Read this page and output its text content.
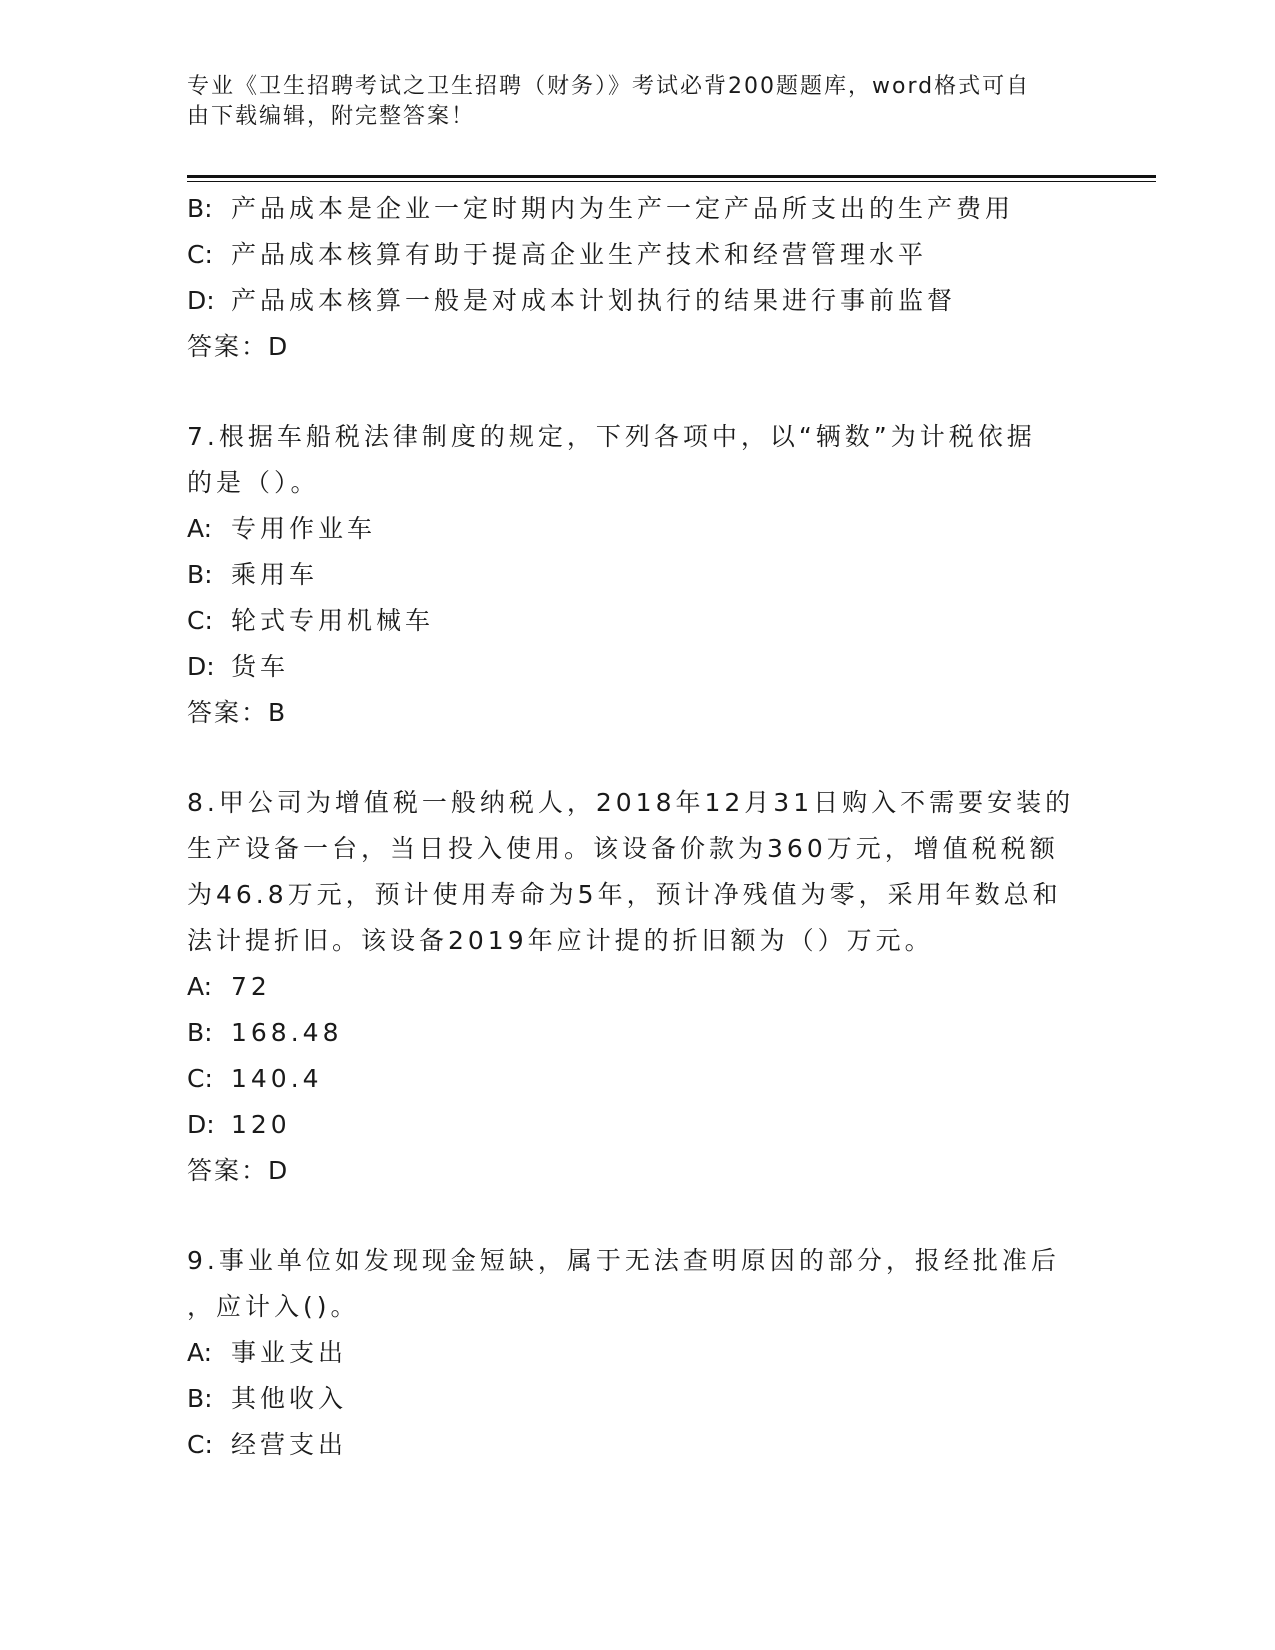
专业《卫生招聘考试之卫生招聘（财务）》考试必背200题题库，word格式可自
由下载编辑，附完整答案！
B: 产品成本是企业一定时期内为生产一定产品所支出的生产费用
C: 产品成本核算有助于提高企业生产技术和经营管理水平
D: 产品成本核算一般是对成本计划执行的结果进行事前监督
答案：D
7.根据车船税法律制度的规定，下列各项中，以“辆数”为计税依据
的是（）。
A: 专用作业车
B: 乘用车
C: 轮式专用机械车
D: 货车
答案：B
8.甲公司为增值税一般纳税人，2018年12月31日购入不需要安装的
生产设备一台，当日投入使用。该设备价款为360万元，增值税税额
为46.8万元，预计使用寿命为5年，预计净残值为零，采用年数总和
法计提折旧。该设备2019年应计提的折旧额为（）万元。
A: 72
B: 168.48
C: 140.4
D: 120
答案：D
9.事业单位如发现现金短缺，属于无法查明原因的部分，报经批准后
，应计入()。
A: 事业支出
B: 其他收入
C: 经营支出
